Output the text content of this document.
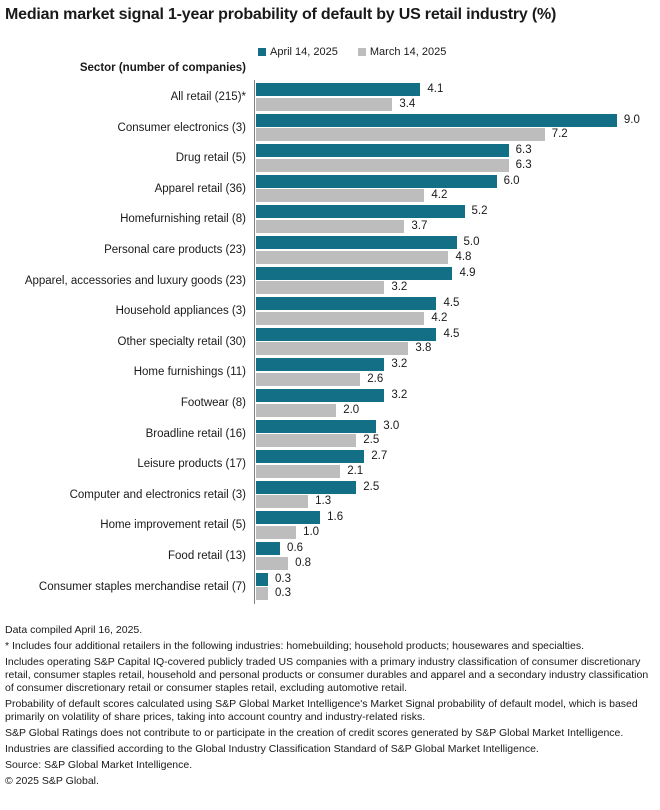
Median market signal 1-year probability of default by US retail industry (%)
April 14, 2025	March 14, 2025
Sector (number of companies)
All retail (215)*
4.1
3.4
Consumer electronics (3)
9.0
7.2
Drug retail (5)
6.3
6.3
Apparel retail (36)
6.0
4.2
Homefurnishing retail (8)
5.2
3.7
Personal care products (23)
5.0
4.8
Apparel, accessories and luxury goods (23)
4.9
3.2
Household appliances (3)
4.5
4.2
Other specialty retail (30)
4.5
3.8
Home furnishings (11)
3.2
2.6
Footwear (8)
3.2
2.0
Broadline retail (16)
3.0
2.5
Leisure products (17)
2.7
2.1
Computer and electronics retail (3)
2.5
1.3
Home improvement retail (5)
1.6
1.0
Food retail (13)
0.6
0.8
Consumer staples merchandise retail (7)
0.3
0.3

Data compiled April 16, 2025.

* Includes four additional retailers in the following industries: homebuilding; household products; housewares and specialties.

Includes operating S&P Capital IQ-covered publicly traded US companies with a primary industry classification of consumer discretionary retail, consumer staples retail, household and personal products or consumer durables and apparel and a secondary industry classification of consumer discretionary retail or consumer staples retail, excluding automotive retail.

Probability of default scores calculated using S&P Global Market Intelligence's Market Signal probability of default model, which is based primarily on volatility of share prices, taking into account country and industry-related risks.

S&P Global Ratings does not contribute to or participate in the creation of credit scores generated by S&P Global Market Intelligence.

Industries are classified according to the Global Industry Classification Standard of S&P Global Market Intelligence.

Source: S&P Global Market Intelligence.

© 2025 S&P Global.
